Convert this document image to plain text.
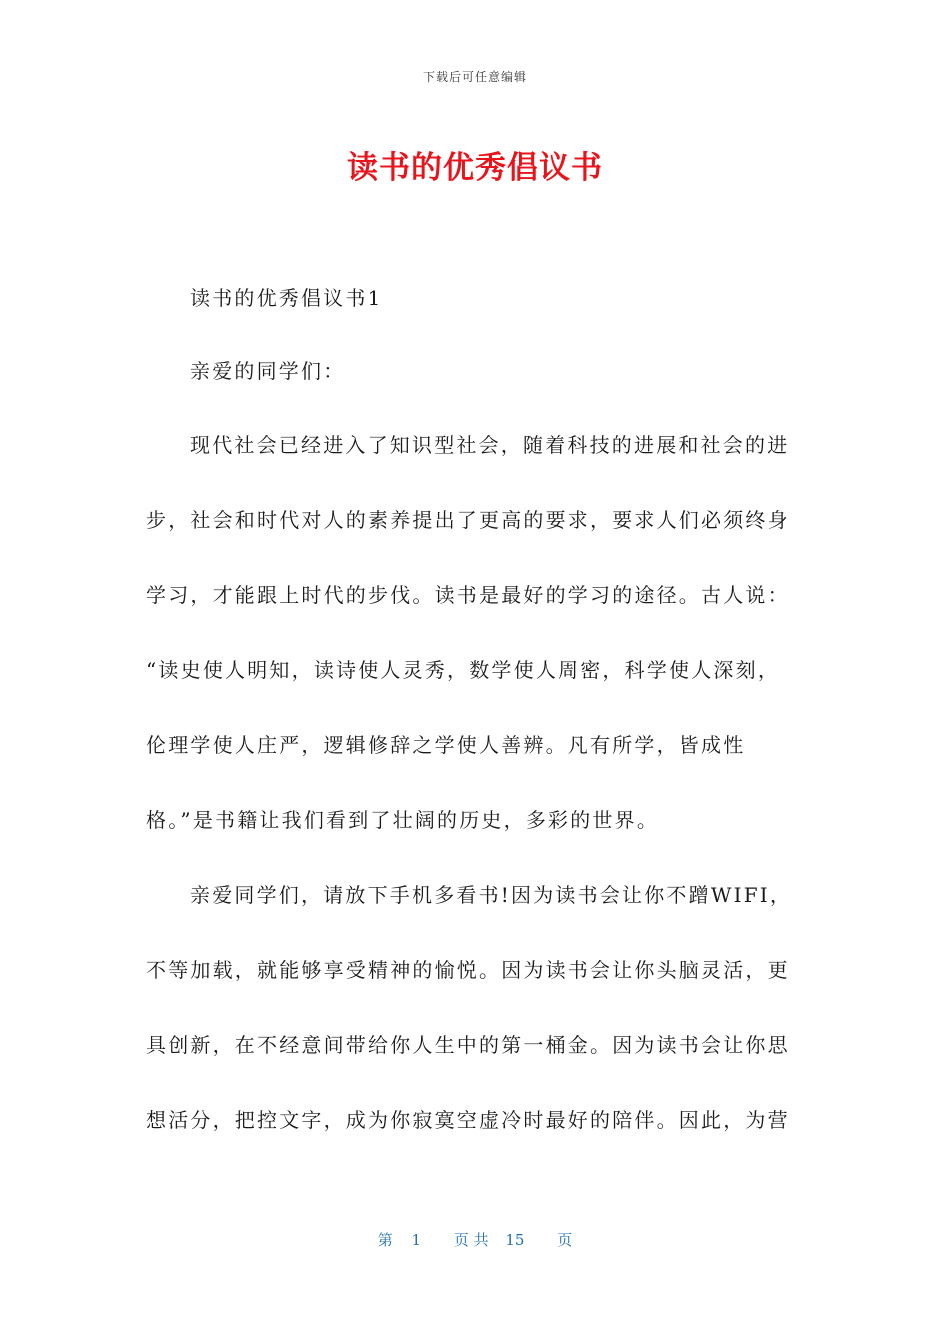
下载后可任意编辑
读书的优秀倡议书
读书的优秀倡议书1
亲爱的同学们：
现代社会已经进入了知识型社会，随着科技的进展和社会的进
步，社会和时代对人的素养提出了更高的要求，要求人们必须终身
学习，才能跟上时代的步伐。读书是最好的学习的途径。古人说：
“读史使人明知，读诗使人灵秀，数学使人周密，科学使人深刻，
伦理学使人庄严，逻辑修辞之学使人善辨。凡有所学，皆成性
格。”是书籍让我们看到了壮阔的历史，多彩的世界。
亲爱同学们，请放下手机多看书!因为读书会让你不蹭WIFI，
不等加载，就能够享受精神的愉悦。因为读书会让你头脑灵活，更
具创新，在不经意间带给你人生中的第一桶金。因为读书会让你思
想活分，把控文字，成为你寂寞空虚冷时最好的陪伴。因此，为营
第 1 页 共 15 页
